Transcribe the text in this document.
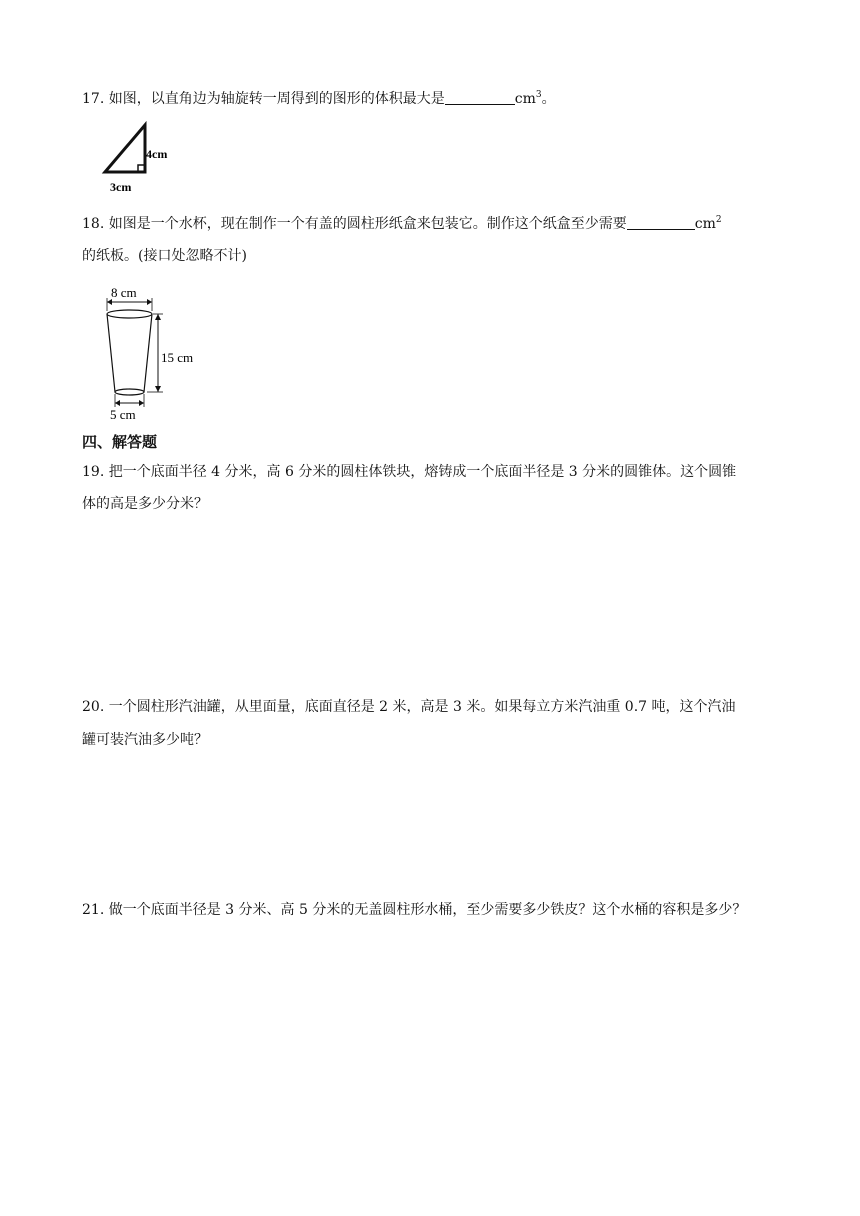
17. 如图，以直角边为轴旋转一周得到的图形的体积最大是	$cm^3$。
4cm
3cm
18. 如图是一个水杯，现在制作一个有盖的圆柱形纸盒来包装它。制作这个纸盒至少需要	$cm^2$
的纸板。(接口处忽略不计)
8 cm
15 cm
5 cm
四、解答题
19. 把一个底面半径 4 分米，高 6 分米的圆柱体铁块，熔铸成一个底面半径是 3 分米的圆锥体。这个圆锥
体的高是多少分米？
20. 一个圆柱形汽油罐，从里面量，底面直径是 2 米，高是 3 米。如果每立方米汽油重 0.7 吨，这个汽油
罐可装汽油多少吨？
21. 做一个底面半径是 3 分米、高 5 分米的无盖圆柱形水桶，至少需要多少铁皮？这个水桶的容积是多少？
